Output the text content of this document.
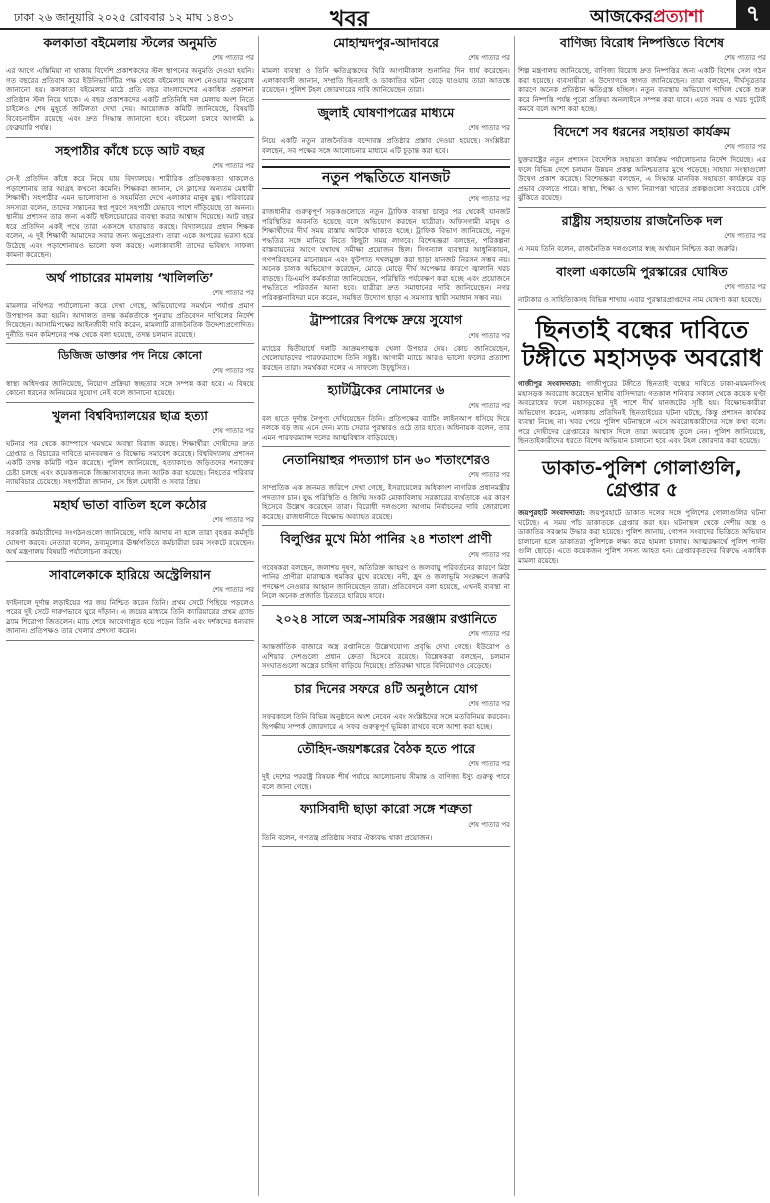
ঢাকা ২৬ জানুয়ারি ২০২৫ রোববার ১২ মাঘ ১৪৩১	খবর	আজকেরপ্রত্যাশা	৭
কলকাতা বইমেলায় স্টলের অনুমতি
শেষ পাতার পর
এর আগে এস্তিমিয়া না থাকায় বিদেশি প্রকাশকদের স্টল স্থাপনের অনুমতি দেওয়া হয়নি। গত বছরের প্রতিবাদ করে ইউনিভার্সিটির পক্ষ থেকে বইমেলায় অংশ নেওয়ার অনুরোধ জানানো হয়। কলকাতা বইমেলার মাঠে প্রতি বছর বাংলাদেশের একাধিক প্রকাশনা প্রতিষ্ঠান স্টল নিয়ে থাকে। এ বছর প্রকাশকদের একটি প্রতিনিধি দল মেলায় অংশ নিতে চাইলেও শেষ মুহূর্তে জটিলতা দেখা দেয়। আয়োজক কমিটি জানিয়েছে, বিষয়টি বিবেচনাধীন রয়েছে এবং দ্রুত সিদ্ধান্ত জানানো হবে। বইমেলা চলবে আগামী ৯ ফেব্রুয়ারি পর্যন্ত।
সহপাঠীর কাঁধে চড়ে আট বছর
শেষ পাতার পর
সে-ই প্রতিদিন কাঁধে করে নিয়ে যায় বিদ্যালয়ে। শারীরিক প্রতিবন্ধকতা থাকলেও পড়াশোনায় তার আগ্রহ কখনো কমেনি। শিক্ষকরা জানান, সে ক্লাসের অন্যতম মেধাবী শিক্ষার্থী। সহপাঠীর এমন ভালোবাসা ও সহমর্মিতা দেখে এলাকার মানুষ মুগ্ধ। পরিবারের সদস্যরা বলেন, তাদের সন্তানের স্বপ্ন পূরণে সহপাঠী যেভাবে পাশে দাঁড়িয়েছে তা অনন্য। স্থানীয় প্রশাসন তার জন্য একটি হুইলচেয়ারের ব্যবস্থা করার আশ্বাস দিয়েছে। আট বছর ধরে প্রতিদিন একই পথে তারা একসঙ্গে যাতায়াত করছে। বিদ্যালয়ের প্রধান শিক্ষক বলেন, এ দুই শিক্ষার্থী আমাদের সবার জন্য অনুপ্রেরণা। তারা একে অপরের ভরসা হয়ে উঠেছে এবং পড়াশোনায়ও ভালো ফল করছে। এলাকাবাসী তাদের ভবিষ্যৎ সাফল্য কামনা করেছেন।
অর্থ পাচারের মামলায় ‘খালিলতি’
শেষ পাতার পর
মামলার নথিপত্র পর্যালোচনা করে দেখা গেছে, অভিযোগের সমর্থনে পর্যাপ্ত প্রমাণ উপস্থাপন করা হয়নি। আদালত তদন্ত কর্মকর্তাকে পুনরায় প্রতিবেদন দাখিলের নির্দেশ দিয়েছেন। আসামিপক্ষের আইনজীবী দাবি করেন, মামলাটি রাজনৈতিক উদ্দেশ্যপ্রণোদিত। দুর্নীতি দমন কমিশনের পক্ষ থেকে বলা হয়েছে, তদন্ত চলমান রয়েছে।
ডিজিজ ডাক্তার পদ নিয়ে কোনো
শেষ পাতার পর
স্বাস্থ্য অধিদপ্তর জানিয়েছে, নিয়োগ প্রক্রিয়া স্বচ্ছতার সঙ্গে সম্পন্ন করা হবে। এ বিষয়ে কোনো ধরনের অনিয়মের সুযোগ নেই বলে জানানো হয়েছে।
খুলনা বিশ্ববিদ্যালয়ের ছাত্র হত্যা
শেষ পাতার পর
ঘটনার পর থেকে ক্যাম্পাসে থমথমে অবস্থা বিরাজ করছে। শিক্ষার্থীরা দোষীদের দ্রুত গ্রেপ্তার ও বিচারের দাবিতে মানববন্ধন ও বিক্ষোভ সমাবেশ করেছে। বিশ্ববিদ্যালয় প্রশাসন একটি তদন্ত কমিটি গঠন করেছে। পুলিশ জানিয়েছে, হত্যাকাণ্ডে জড়িতদের শনাক্তের চেষ্টা চলছে এবং কয়েকজনকে জিজ্ঞাসাবাদের জন্য আটক করা হয়েছে। নিহতের পরিবার ন্যায়বিচার চেয়েছে। সহপাঠীরা জানান, সে ছিল মেধাবী ও সবার প্রিয়।
মহার্ঘ ভাতা বাতিল হলে কঠোর
শেষ পাতার পর
সরকারি কর্মচারীদের সংগঠনগুলো জানিয়েছে, দাবি আদায় না হলে তারা বৃহত্তর কর্মসূচি ঘোষণা করবে। নেতারা বলেন, দ্রব্যমূল্যের ঊর্ধ্বগতিতে কর্মচারীরা চরম সংকটে রয়েছেন। অর্থ মন্ত্রণালয় বিষয়টি পর্যালোচনা করছে।
সাবালেকাকে হারিয়ে অস্ট্রেলিয়ান
শেষ পাতার পর
ফাইনালে দুর্দান্ত লড়াইয়ের পর জয় নিশ্চিত করেন তিনি। প্রথম সেটে পিছিয়ে পড়লেও পরের দুই সেটে দারুণভাবে ঘুরে দাঁড়ান। এ জয়ের মাধ্যমে তিনি ক্যারিয়ারের প্রথম গ্র্যান্ড স্ল্যাম শিরোপা জিতলেন। ম্যাচ শেষে আবেগাপ্লুত হয়ে পড়েন তিনি এবং দর্শকদের ধন্যবাদ জানান। প্রতিপক্ষও তার খেলার প্রশংসা করেন।
মোহাম্মদপুর-আদাবরে
শেষ পাতার পর
মামলা ব্যবস্থা ও তিনি ক্ষতিগ্রস্তদের ঘিরি আগামীকাল শুনানির দিন ধার্য করেছেন। এলাকাবাসী জানান, সম্প্রতি ছিনতাই ও ডাকাতির ঘটনা বেড়ে যাওয়ায় তারা আতঙ্কে রয়েছেন। পুলিশ টহল জোরদারের দাবি জানিয়েছেন তারা।
জুলাই ঘোষণাপত্রের মাধ্যমে
শেষ পাতার পর
নিয়ে একটি নতুন রাজনৈতিক বন্দোবস্ত প্রতিষ্ঠার প্রস্তাব দেওয়া হয়েছে। সংশ্লিষ্টরা বলছেন, সব পক্ষের সঙ্গে আলোচনার মাধ্যমে এটি চূড়ান্ত করা হবে।
নতুন পদ্ধতিতে যানজট
শেষ পাতার পর
রাজধানীর গুরুত্বপূর্ণ সড়কগুলোতে নতুন ট্রাফিক ব্যবস্থা চালুর পর থেকেই যানজট পরিস্থিতির অবনতি হয়েছে বলে অভিযোগ করছেন যাত্রীরা। অফিসগামী মানুষ ও শিক্ষার্থীদের দীর্ঘ সময় রাস্তায় আটকে থাকতে হচ্ছে। ট্রাফিক বিভাগ জানিয়েছে, নতুন পদ্ধতির সঙ্গে মানিয়ে নিতে কিছুটা সময় লাগবে। বিশেষজ্ঞরা বলছেন, পরিকল্পনা বাস্তবায়নের আগে যথাযথ সমীক্ষা প্রয়োজন ছিল। সিগন্যাল ব্যবস্থার আধুনিকায়ন, গণপরিবহনের মানোন্নয়ন এবং ফুটপাত দখলমুক্ত করা ছাড়া যানজট নিরসন সম্ভব নয়। অনেক চালক অভিযোগ করেছেন, মোড়ে মোড়ে দীর্ঘ অপেক্ষার কারণে জ্বালানি খরচ বাড়ছে। ডিএমপি কর্মকর্তারা জানিয়েছেন, পরিস্থিতি পর্যবেক্ষণ করা হচ্ছে এবং প্রয়োজনে পদ্ধতিতে পরিবর্তন আনা হবে। যাত্রীরা দ্রুত সমাধানের দাবি জানিয়েছেন। নগর পরিকল্পনাবিদরা মনে করেন, সমন্বিত উদ্যোগ ছাড়া এ সমস্যার স্থায়ী সমাধান সম্ভব নয়।
ট্রাম্পারের বিপক্ষে দ্রুয়ে সুযোগ
শেষ পাতার পর
ম্যাচের দ্বিতীয়ার্ধে দলটি আক্রমণাত্মক খেলা উপহার দেয়। কোচ জানিয়েছেন, খেলোয়াড়দের পারফরম্যান্সে তিনি সন্তুষ্ট। আগামী ম্যাচে আরও ভালো ফলের প্রত্যাশা করছেন তারা। সমর্থকরা দলের এ সাফল্যে উচ্ছ্বসিত।
হ্যাটট্রিকের নোমানের ৬
শেষ পাতার পর
বল হাতে দুর্দান্ত নৈপুণ্য দেখিয়েছেন তিনি। প্রতিপক্ষের ব্যাটিং লাইনআপ ধসিয়ে দিয়ে দলকে বড় জয় এনে দেন। ম্যাচ সেরার পুরস্কারও ওঠে তার হাতে। অধিনায়ক বলেন, তার এমন পারফরম্যান্স দলের আত্মবিশ্বাস বাড়িয়েছে।
নেতানিয়াহুর পদত্যাগ চান ৬০ শতাংশেরও
শেষ পাতার পর
সাম্প্রতিক এক জনমত জরিপে দেখা গেছে, ইসরায়েলের অধিকাংশ নাগরিক প্রধানমন্ত্রীর পদত্যাগ চান। যুদ্ধ পরিস্থিতি ও জিম্মি সংকট মোকাবিলায় সরকারের ব্যর্থতাকে এর কারণ হিসেবে উল্লেখ করেছেন তারা। বিরোধী দলগুলো আগাম নির্বাচনের দাবি জোরালো করেছে। রাজধানীতে বিক্ষোভ অব্যাহত রয়েছে।
বিলুপ্তির মুখে মিঠা পানির ২৪ শতাংশ প্রাণী
শেষ পাতার পর
গবেষকরা বলছেন, জলাশয় দূষণ, অতিরিক্ত আহরণ ও জলবায়ু পরিবর্তনের কারণে মিঠা পানির প্রাণীরা মারাত্মক হুমকির মুখে রয়েছে। নদী, হ্রদ ও জলাভূমি সংরক্ষণে জরুরি পদক্ষেপ নেওয়ার আহ্বান জানিয়েছেন তারা। প্রতিবেদনে বলা হয়েছে, এখনই ব্যবস্থা না নিলে অনেক প্রজাতি চিরতরে হারিয়ে যাবে।
২০২৪ সালে অস্ত্র-সামরিক সরঞ্জাম রপ্তানিতে
শেষ পাতার পর
আন্তর্জাতিক বাজারে অস্ত্র রপ্তানিতে উল্লেখযোগ্য প্রবৃদ্ধি দেখা গেছে। ইউরোপ ও এশিয়ার দেশগুলো প্রধান ক্রেতা হিসেবে রয়েছে। বিশ্লেষকরা বলছেন, চলমান সংঘাতগুলো অস্ত্রের চাহিদা বাড়িয়ে দিয়েছে। প্রতিরক্ষা খাতে বিনিয়োগও বেড়েছে।
চার দিনের সফরে ৪টি অনুষ্ঠানে যোগ
শেষ পাতার পর
সফরকালে তিনি বিভিন্ন অনুষ্ঠানে অংশ নেবেন এবং সংশ্লিষ্টদের সঙ্গে মতবিনিময় করবেন। দ্বিপক্ষীয় সম্পর্ক জোরদারে এ সফর গুরুত্বপূর্ণ ভূমিকা রাখবে বলে আশা করা হচ্ছে।
তৌহিদ-জয়শঙ্করের বৈঠক হতে পারে
শেষ পাতার পর
দুই দেশের পররাষ্ট্র বিষয়ক শীর্ষ পর্যায়ে আলোচনায় সীমান্ত ও বাণিজ্য ইস্যু গুরুত্ব পাবে বলে জানা গেছে।
ফ্যাসিবাদী ছাড়া কারো সঙ্গে শত্রুতা
শেষ পাতার পর
তিনি বলেন, গণতন্ত্র প্রতিষ্ঠায় সবার ঐক্যবদ্ধ থাকা প্রয়োজন।
বাণিজ্য বিরোধ নিষ্পত্তিতে বিশেষ
শেষ পাতার পর
শিল্প মন্ত্রণালয় জানিয়েছে, বাণিজ্য বিরোধ দ্রুত নিষ্পত্তির জন্য একটি বিশেষ সেল গঠন করা হয়েছে। ব্যবসায়ীরা এ উদ্যোগকে স্বাগত জানিয়েছেন। তারা বলছেন, দীর্ঘসূত্রতার কারণে অনেক প্রতিষ্ঠান ক্ষতিগ্রস্ত হচ্ছিল। নতুন ব্যবস্থায় অভিযোগ দাখিল থেকে শুরু করে নিষ্পত্তি পর্যন্ত পুরো প্রক্রিয়া অনলাইনে সম্পন্ন করা যাবে। এতে সময় ও খরচ দুটোই কমবে বলে আশা করা হচ্ছে।
বিদেশে সব ধরনের সহায়তা কার্যক্রম
শেষ পাতার পর
যুক্তরাষ্ট্রের নতুন প্রশাসন বৈদেশিক সহায়তা কার্যক্রম পর্যালোচনার নির্দেশ দিয়েছে। এর ফলে বিভিন্ন দেশে চলমান উন্নয়ন প্রকল্প অনিশ্চয়তার মুখে পড়েছে। সাহায্য সংস্থাগুলো উদ্বেগ প্রকাশ করেছে। বিশেষজ্ঞরা বলছেন, এ সিদ্ধান্ত মানবিক সহায়তা কার্যক্রমে বড় প্রভাব ফেলতে পারে। স্বাস্থ্য, শিক্ষা ও খাদ্য নিরাপত্তা খাতের প্রকল্পগুলো সবচেয়ে বেশি ঝুঁকিতে রয়েছে।
রাষ্ট্রীয় সহায়তায় রাজনৈতিক দল
শেষ পাতার পর
এ সময় তিনি বলেন, রাজনৈতিক দলগুলোর স্বচ্ছ অর্থায়ন নিশ্চিত করা জরুরি।
বাংলা একাডেমি পুরস্কারের ঘোষিত
শেষ পাতার পর
নাট্যকার ও সাহিত্যিকসহ বিভিন্ন শাখায় এবার পুরস্কারপ্রাপ্তদের নাম ঘোষণা করা হয়েছে।
ছিনতাই বন্ধের দাবিতে টঙ্গীতে মহাসড়ক অবরোধ
গাজীপুর সংবাদদাতা: গাজীপুরের টঙ্গীতে ছিনতাই বন্ধের দাবিতে ঢাকা-ময়মনসিংহ মহাসড়ক অবরোধ করেছেন স্থানীয় বাসিন্দারা। গতকাল শনিবার সকাল থেকে কয়েক ঘণ্টা অবরোধের ফলে মহাসড়কের দুই পাশে দীর্ঘ যানজটের সৃষ্টি হয়। বিক্ষোভকারীরা অভিযোগ করেন, এলাকায় প্রতিদিনই ছিনতাইয়ের ঘটনা ঘটছে, কিন্তু প্রশাসন কার্যকর ব্যবস্থা নিচ্ছে না। খবর পেয়ে পুলিশ ঘটনাস্থলে এসে অবরোধকারীদের সঙ্গে কথা বলে। পরে দোষীদের গ্রেপ্তারের আশ্বাস দিলে তারা অবরোধ তুলে নেন। পুলিশ জানিয়েছে, ছিনতাইকারীদের ধরতে বিশেষ অভিযান চালানো হবে এবং টহল জোরদার করা হয়েছে।
ডাকাত-পুলিশ গোলাগুলি, গ্রেপ্তার ৫
জয়পুরহাট সংবাদদাতা: জয়পুরহাটে ডাকাত দলের সঙ্গে পুলিশের গোলাগুলির ঘটনা ঘটেছে। এ সময় পাঁচ ডাকাতকে গ্রেপ্তার করা হয়। ঘটনাস্থল থেকে দেশীয় অস্ত্র ও ডাকাতির সরঞ্জাম উদ্ধার করা হয়েছে। পুলিশ জানায়, গোপন সংবাদের ভিত্তিতে অভিযান চালানো হলে ডাকাতরা পুলিশকে লক্ষ্য করে হামলা চালায়। আত্মরক্ষার্থে পুলিশ পাল্টা গুলি ছোড়ে। এতে কয়েকজন পুলিশ সদস্য আহত হন। গ্রেপ্তারকৃতদের বিরুদ্ধে একাধিক মামলা রয়েছে।
